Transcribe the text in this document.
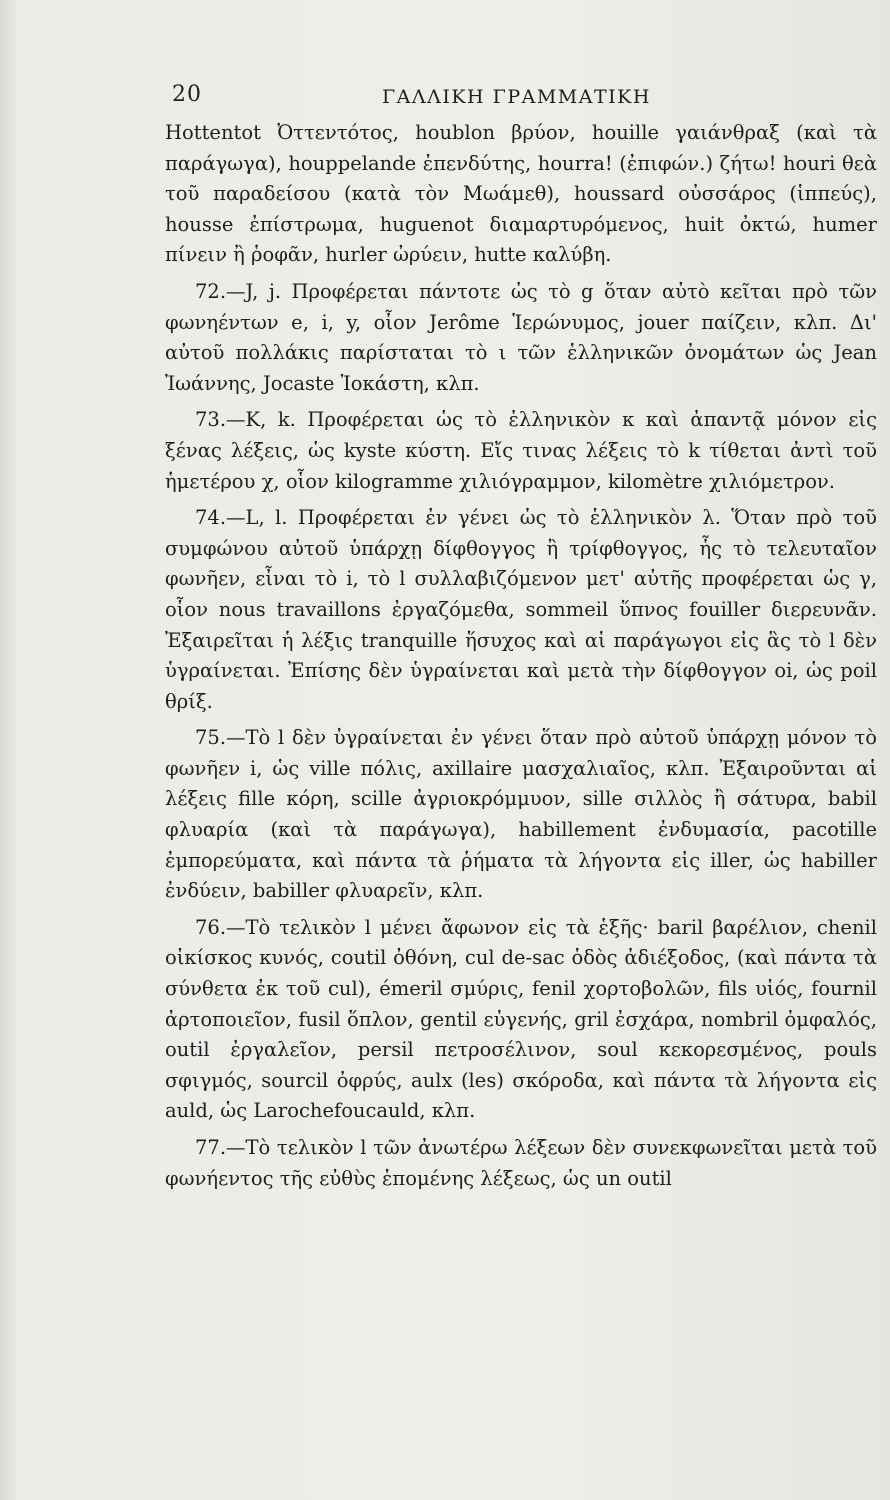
20	ΓΑΛΛΙΚΗ ΓΡΑΜΜΑΤΙΚΗ

Hottentot Ὀττεντότος, houblon βρύον, houille γαιάνθραξ (καὶ τὰ παράγωγα), houppelande ἐπενδύτης, hourra! (ἐπιφών.) ζήτω! houri θεὰ τοῦ παραδείσου (κατὰ τὸν Μωάμεθ), houssard οὐσσάρος (ἱππεύς), housse ἐπίστρωμα, huguenot διαμαρτυρόμενος, huit ὀκτώ, humer πίνειν ἢ ῥοφᾶν, hurler ὠρύειν, hutte καλύβη.

72.—J, j. Προφέρεται πάντοτε ὡς τὸ g ὅταν αὐτὸ κεῖται πρὸ τῶν φωνηέντων e, i, y, οἷον Jerôme Ἱερώνυμος, jouer παίζειν, κλπ. Δι' αὐτοῦ πολλάκις παρίσταται τὸ ι τῶν ἑλληνικῶν ὀνομάτων ὡς Jean Ἰωάννης, Jocaste Ἰοκάστη, κλπ.

73.—K, k. Προφέρεται ὡς τὸ ἑλληνικὸν κ καὶ ἀπαντᾷ μόνον εἰς ξένας λέξεις, ὡς kyste κύστη. Εἴς τινας λέξεις τὸ k τίθεται ἀντὶ τοῦ ἡμετέρου χ, οἷον kilogramme χιλιόγραμμον, kilomètre χιλιόμετρον.

74.—L, l. Προφέρεται ἐν γένει ὡς τὸ ἑλληνικὸν λ. Ὅταν πρὸ τοῦ συμφώνου αὐτοῦ ὑπάρχῃ δίφθογγος ἢ τρίφθογγος, ἧς τὸ τελευταῖον φωνῆεν, εἶναι τὸ i, τὸ l συλλαβιζόμενον μετ' αὐτῆς προφέρεται ὡς γ, οἷον nous travaillons ἐργαζόμεθα, sommeil ὕπνος fouiller διερευνᾶν. Ἐξαιρεῖται ἡ λέξις tranquille ἥσυχος καὶ αἱ παράγωγοι εἰς ἃς τὸ l δὲν ὑγραίνεται. Ἐπίσης δὲν ὑγραίνεται καὶ μετὰ τὴν δίφθογγον oi, ὡς poil θρίξ.

75.—Τὸ l δὲν ὑγραίνεται ἐν γένει ὅταν πρὸ αὐτοῦ ὑπάρχῃ μόνον τὸ φωνῆεν i, ὡς ville πόλις, axillaire μασχαλιαῖος, κλπ. Ἐξαιροῦνται αἱ λέξεις fille κόρη, scille ἀγριοκρόμμυον, sille σιλλὸς ἢ σάτυρα, babil φλυαρία (καὶ τὰ παράγωγα), habillement ἐνδυμασία, pacotille ἐμπορεύματα, καὶ πάντα τὰ ῥήματα τὰ λήγοντα εἰς iller, ὡς habiller ἐνδύειν, babiller φλυαρεῖν, κλπ.

76.—Τὸ τελικὸν l μένει ἄφωνον εἰς τὰ ἑξῆς· baril βαρέλιον, chenil οἰκίσκος κυνός, coutil ὀθόνη, cul de-sac ὁδὸς ἀδιέξοδος, (καὶ πάντα τὰ σύνθετα ἐκ τοῦ cul), émeril σμύρις, fenil χορτοβολῶν, fils υἱός, fournil ἀρτοποιεῖον, fusil ὅπλον, gentil εὐγενής, gril ἐσχάρα, nombril ὀμφαλός, outil ἐργαλεῖον, persil πετροσέλινον, soul κεκορεσμένος, pouls σφιγμός, sourcil ὀφρύς, aulx (les) σκόροδα, καὶ πάντα τὰ λήγοντα εἰς auld, ὡς Larochefoucauld, κλπ.

77.—Τὸ τελικὸν l τῶν ἀνωτέρω λέξεων δὲν συνεκφωνεῖται μετὰ τοῦ φωνήεντος τῆς εὐθὺς ἑπομένης λέξεως, ὡς un outil
